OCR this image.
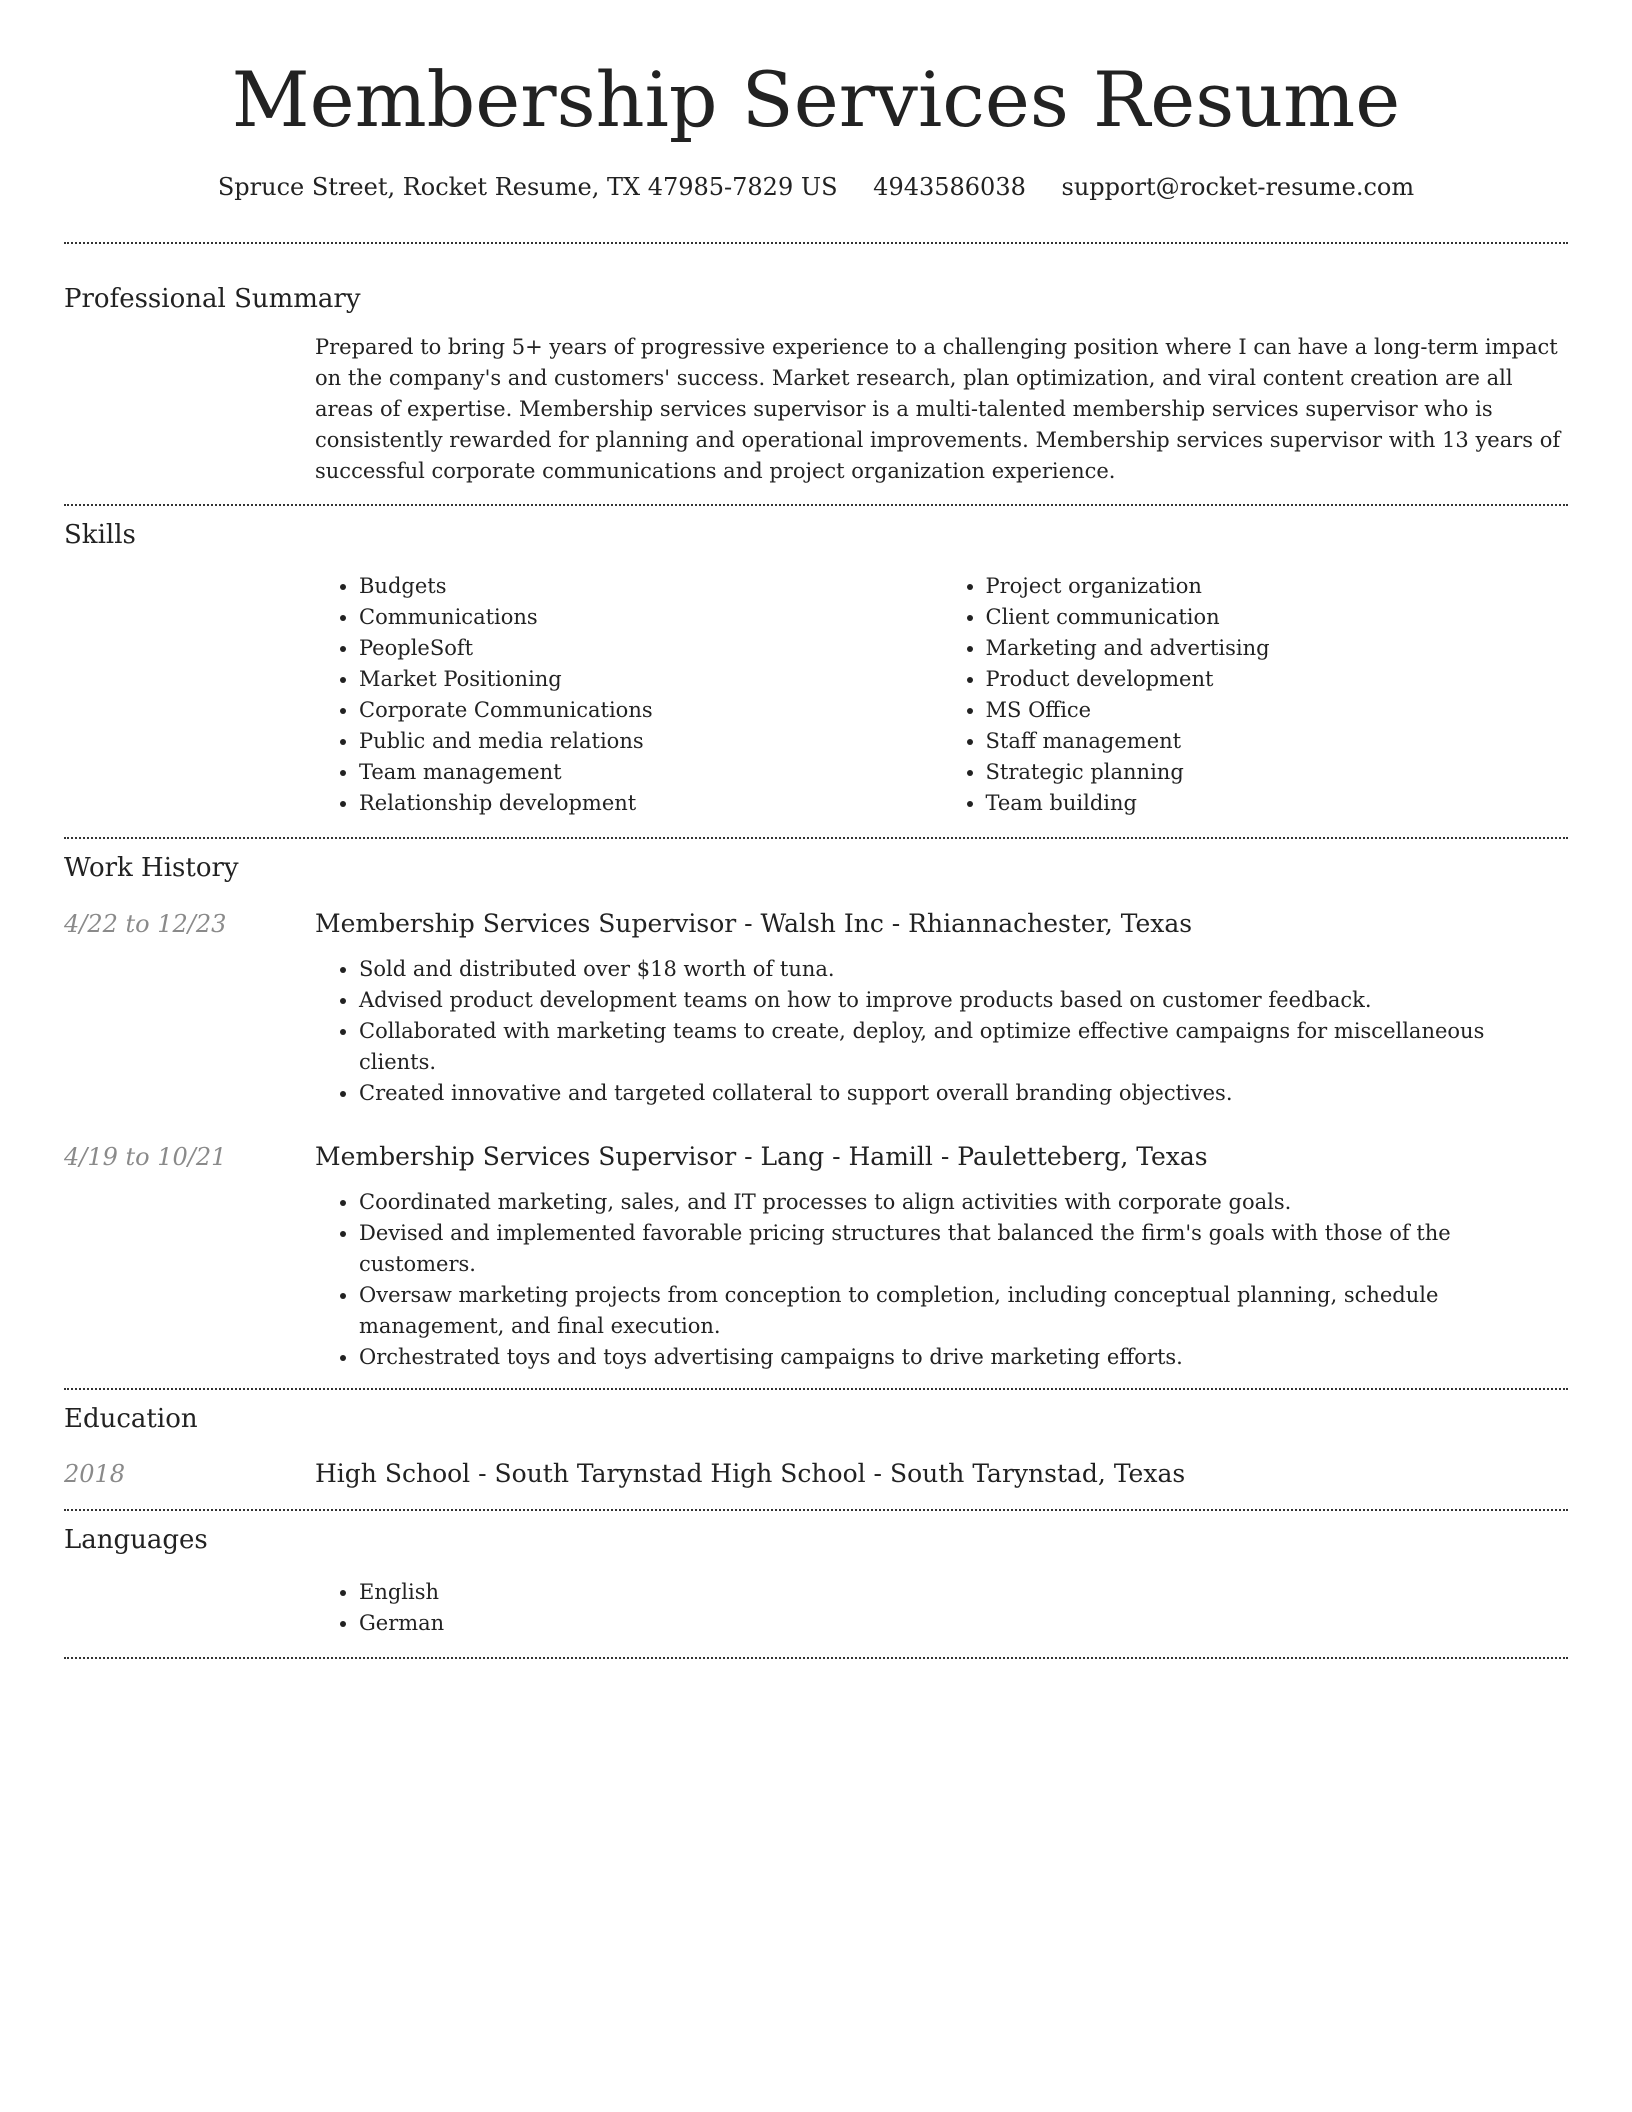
Membership Services Resume
Spruce Street, Rocket Resume, TX 47985-7829 US 4943586038 support@rocket-resume.com
Professional Summary

Prepared to bring 5+ years of progressive experience to a challenging position where I can have a long-term impact on the company's and customers' success. Market research, plan optimization, and viral content creation are all areas of expertise. Membership services supervisor is a multi-talented membership services supervisor who is consistently rewarded for planning and operational improvements. Membership services supervisor with 13 years of successful corporate communications and project organization experience.

Skills
• Budgets
• Communications
• PeopleSoft
• Market Positioning
• Corporate Communications
• Public and media relations
• Team management
• Relationship development
• Project organization
• Client communication
• Marketing and advertising
• Product development
• MS Office
• Staff management
• Strategic planning
• Team building
Work History
4/22 to 12/23	Membership Services Supervisor - Walsh Inc - Rhiannachester, Texas
• Sold and distributed over $18 worth of tuna.
• Advised product development teams on how to improve products based on customer feedback.
• Collaborated with marketing teams to create, deploy, and optimize effective campaigns for miscellaneous clients.
• Created innovative and targeted collateral to support overall branding objectives.
4/19 to 10/21	Membership Services Supervisor - Lang - Hamill - Pauletteberg, Texas
• Coordinated marketing, sales, and IT processes to align activities with corporate goals.
• Devised and implemented favorable pricing structures that balanced the firm's goals with those of the customers.
• Oversaw marketing projects from conception to completion, including conceptual planning, schedule management, and final execution.
• Orchestrated toys and toys advertising campaigns to drive marketing efforts.
Education
2018	High School - South Tarynstad High School - South Tarynstad, Texas
Languages
• English
• German
